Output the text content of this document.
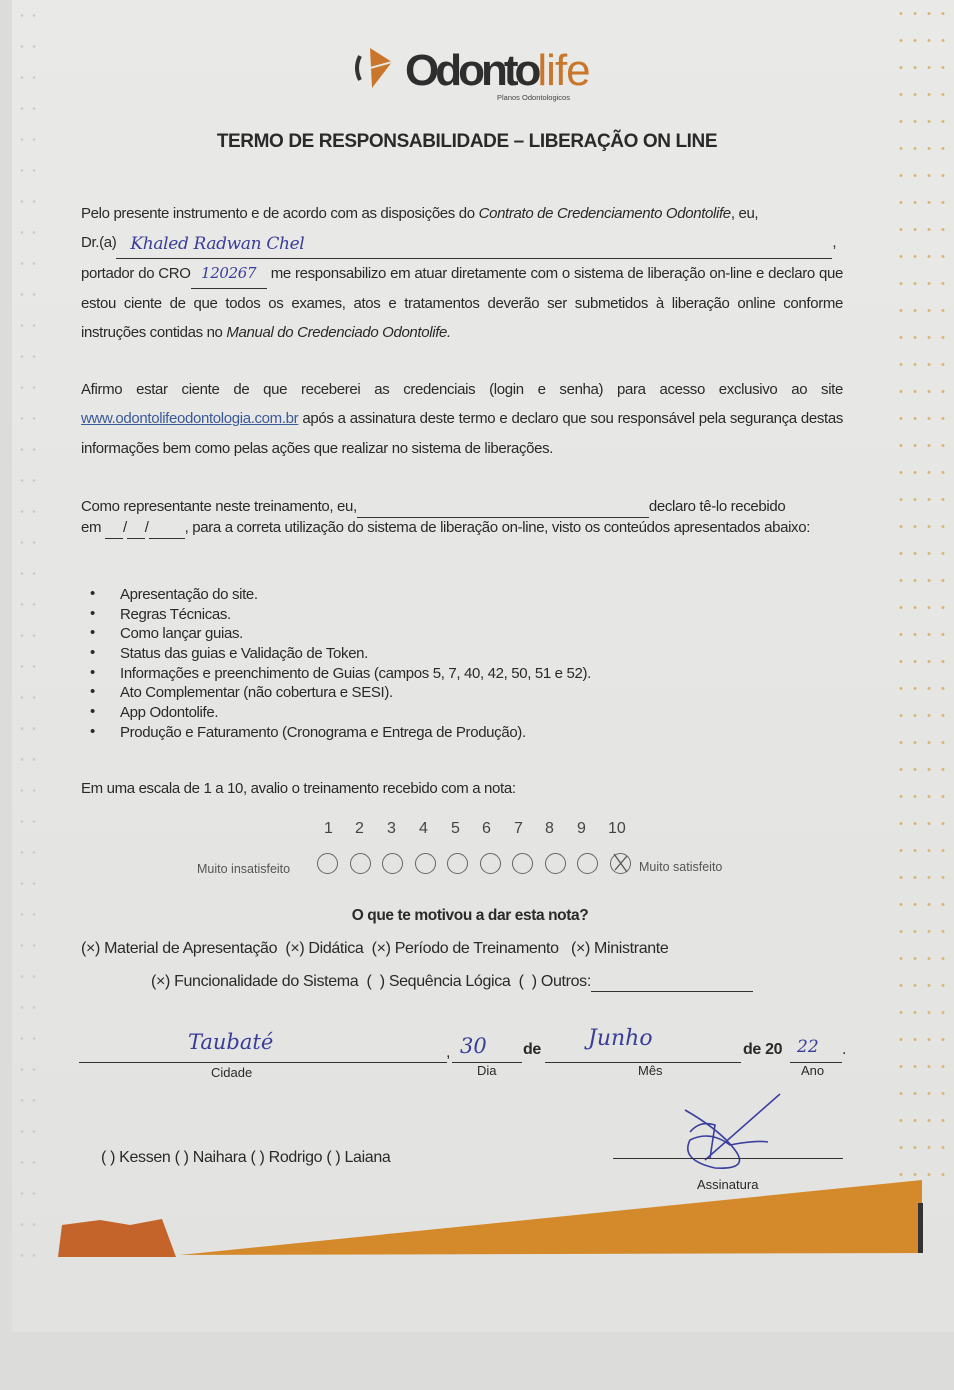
Odontolife
Planos Odontologicos
TERMO DE RESPONSABILIDADE – LIBERAÇÃO ON LINE
Pelo presente instrumento e de acordo com as disposições do Contrato de Credenciamento Odontolife, eu,
Dr.(a) Khaled Radwan Chel	,
portador do CRO 120267 me responsabilizo em atuar diretamente com o sistema de liberação on-line e declaro que estou ciente de que todos os exames, atos e tratamentos deverão ser submetidos à liberação online conforme instruções contidas no Manual do Credenciado Odontolife.
Afirmo estar ciente de que receberei as credenciais (login e senha) para acesso exclusivo ao site www.odontolifeodontologia.com.br após a assinatura deste termo e declaro que sou responsável pela segurança destas informações bem como pelas ações que realizar no sistema de liberações.
Como representante neste treinamento, eu,	declaro tê-lo recebido
em / / , para a correta utilização do sistema de liberação on-line, visto os conteúdos apresentados abaixo:
• Apresentação do site.
• Regras Técnicas.
• Como lançar guias.
• Status das guias e Validação de Token.
• Informações e preenchimento de Guias (campos 5, 7, 40, 42, 50, 51 e 52).
• Ato Complementar (não cobertura e SESI).
• App Odontolife.
• Produção e Faturamento (Cronograma e Entrega de Produção).
Em uma escala de 1 a 10, avalio o treinamento recebido com a nota:
1 2 3 4 5 6 7 8 9 10
Muito insatisfeito	Muito satisfeito
O que te motivou a dar esta nota?
(×) Material de Apresentação (×) Didática (×) Período de Treinamento (×) Ministrante
(×) Funcionalidade do Sistema (  ) Sequência Lógica (  ) Outros:
Taubaté	, 30 de Junho	de 20 22 .
Cidade	Dia	Mês	Ano
( ) Kessen ( ) Naihara ( ) Rodrigo ( ) Laiana
Assinatura
